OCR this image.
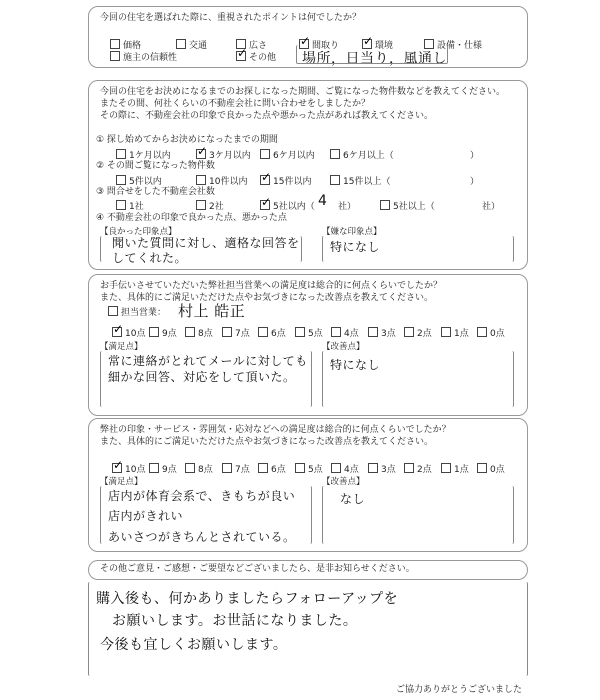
今回の住宅を選ばれた際に、重視されたポイントは何でしたか？
価格	交通	広さ ✓	間取り ✓	環境	設備・仕様
施主の信頼性 ✓	その他 場所，日当り，風通し
今回の住宅をお決めになるまでのお探しになった期間、ご覧になった物件数などを教えてください。
またその間、何社くらいの不動産会社に問い合わせをしましたか？
その際に、不動産会社の印象で良かった点や悪かった点があれば教えてください。
① 探し始めてからお決めになったまでの期間
1ケ月以内 ✓	3ケ月以内	6ケ月以内	6ケ月以上（	）
② その間ご覧になった物件数
5件以内	10件以内 ✓	15件以内	15件以上（	）
③ 問合せをした不動産会社数
1社	2社 ✓	5社以内（	5社以上（
4 社）	社）
④ 不動産会社の印象で良かった点、悪かった点
【良かった印象点】
聞いた質問に対し、適格な回答を
してくれた。
【嫌な印象点】
特になし
お手伝いさせていただいた弊社担当営業への満足度は総合的に何点くらいでしたか？
また、具体的にご満足いただけた点やお気づきになった改善点を教えてください。
担当営業： 村上 皓正
✓10点	9点	8点	7点	6点	5点	4点	3点	2点	1点	0点
【満足点】
常に連絡がとれてメールに対しても
細かな回答、対応をして頂いた。
【改善点】
特になし
弊社の印象・サービス・雰囲気・応対などへの満足度は総合的に何点くらいでしたか？
また、具体的にご満足いただけた点やお気づきになった改善点を教えてください。
✓10点	9点	8点	7点	6点	5点	4点	3点	2点	1点	0点
【満足点】
店内が体育会系で、きもちが良い
店内がきれい
あいさつがきちんとされている。
【改善点】
なし
その他ご意見・ご感想・ご要望などございましたら、是非お知らせください。
購入後も、何かありましたらフォローアップを
お願いします。お世話になりました。
今後も宜しくお願いします。
ご協力ありがとうございました
